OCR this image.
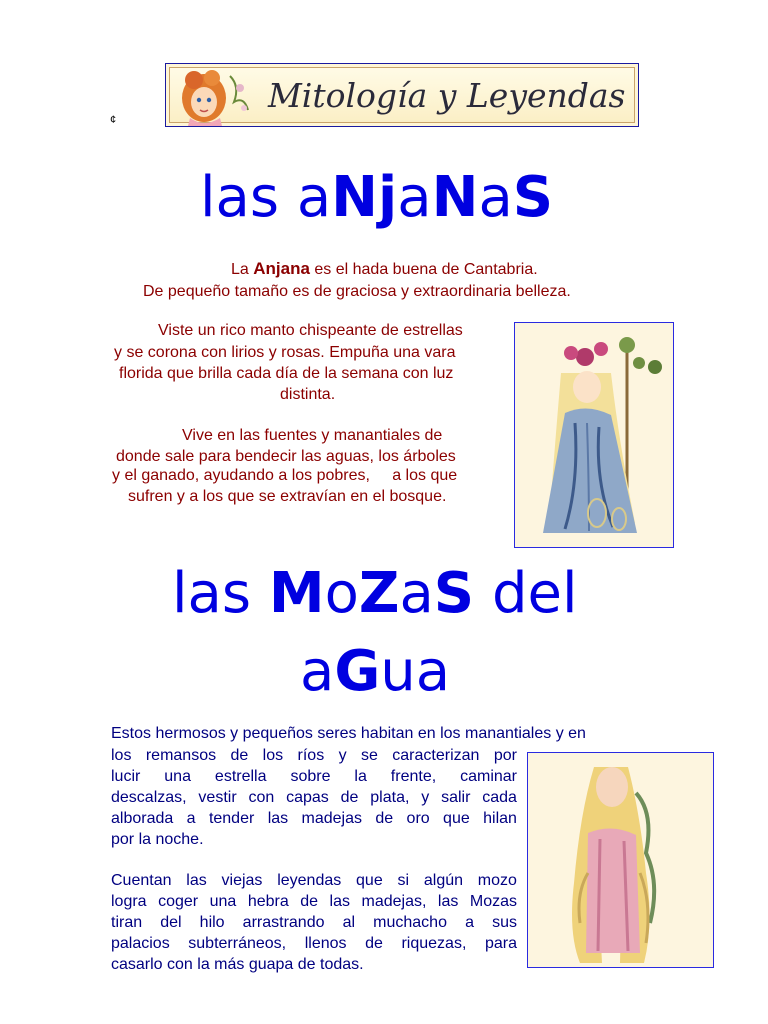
Mitología y Leyendas
¢
las aNjaNaS
La Anjana es el hada buena de Cantabria.
De pequeño tamaño es de graciosa y extraordinaria belleza.
Viste un rico manto chispeante de estrellas
y se corona con lirios y rosas. Empuña una vara
florida que brilla cada día de la semana con luz
distinta.
Vive en las fuentes y manantiales de
donde sale para bendecir las aguas, los árboles
y el ganado, ayudando a los pobres,     a los que
sufren y a los que se extravían en el bosque.
las MoZaS del
aGua
Estos hermosos y pequeños seres habitan en los manantiales y en
los remansos de los ríos y se caracterizan por
lucir una estrella sobre la frente, caminar
descalzas, vestir con capas de plata, y salir cada
alborada a tender las madejas de oro que hilan
por la noche.
Cuentan las viejas leyendas que si algún mozo
logra coger una hebra de las madejas, las Mozas
tiran del hilo arrastrando al muchacho a sus
palacios subterráneos, llenos de riquezas, para
casarlo con la más guapa de todas.
